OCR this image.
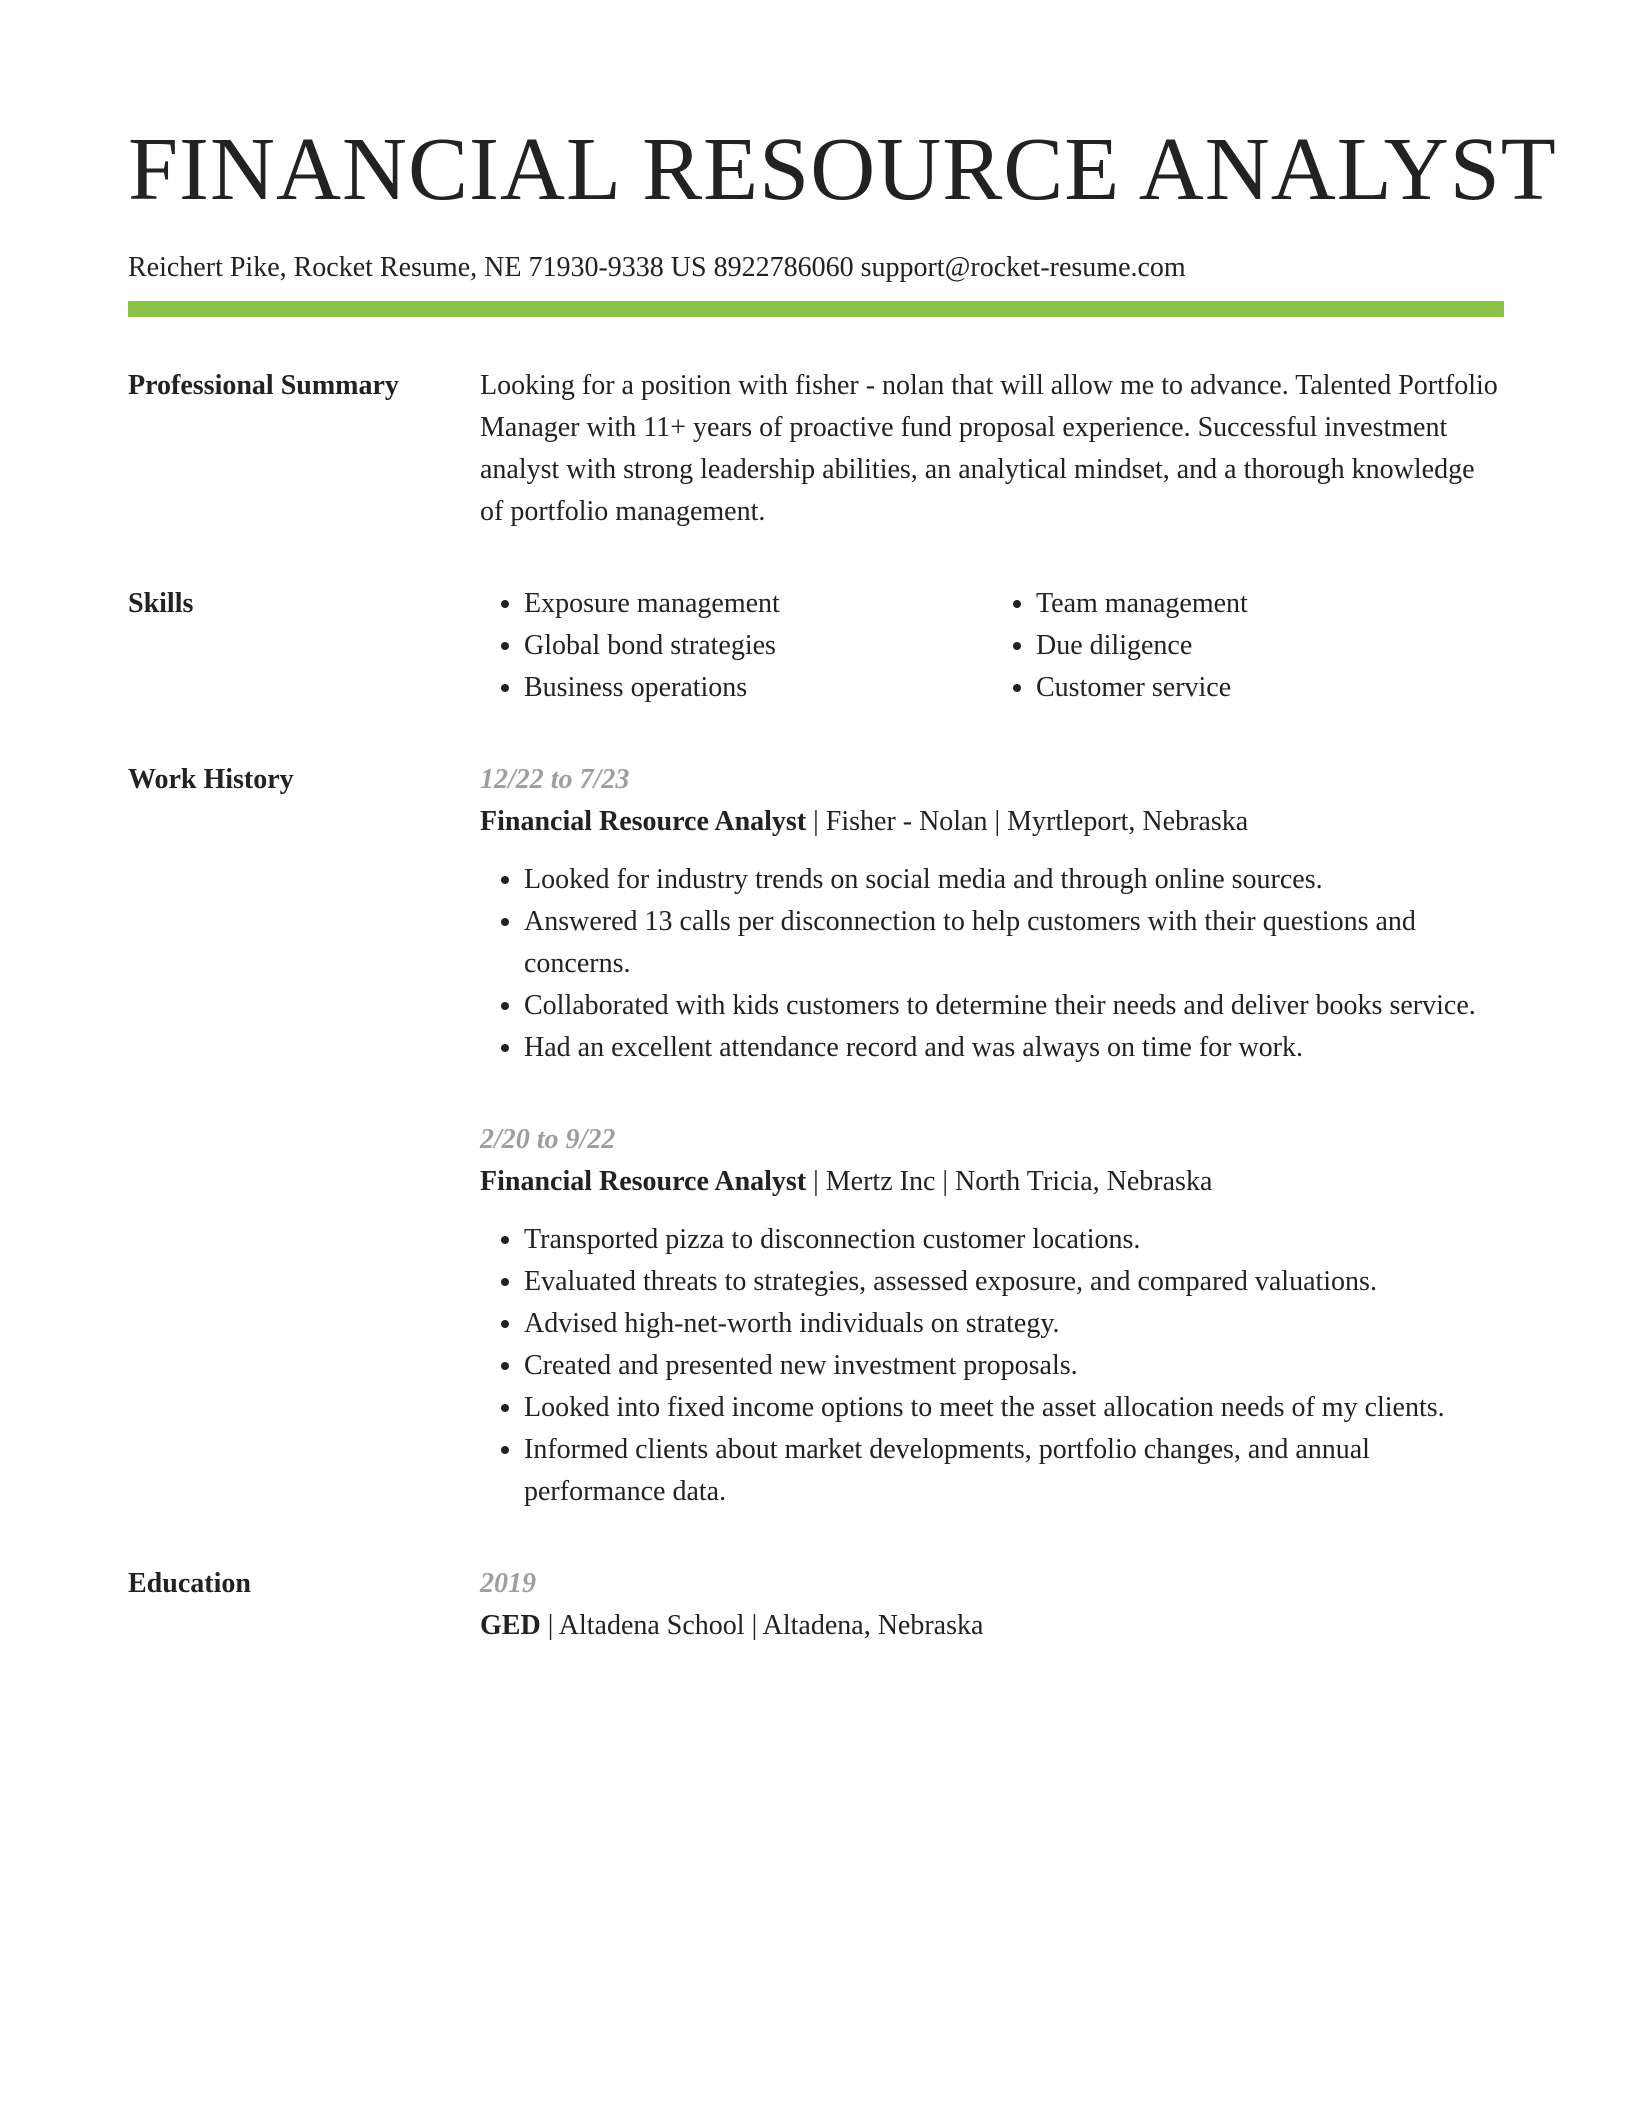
FINANCIAL RESOURCE ANALYST
Reichert Pike, Rocket Resume, NE 71930-9338 US 8922786060 support@rocket-resume.com
Professional Summary	Looking for a position with fisher - nolan that will allow me to advance. Talented Portfolio Manager with 11+ years of proactive fund proposal experience. Successful investment analyst with strong leadership abilities, an analytical mindset, and a thorough knowledge of portfolio management.

Skills
•	Exposure management
• Global bond strategies
• Business operations
• Team management
• Due diligence
• Customer service
Work History	12/22 to 7/23
Financial Resource Analyst | Fisher - Nolan | Myrtleport, Nebraska
• Looked for industry trends on social media and through online sources.
• Answered 13 calls per disconnection to help customers with their questions and concerns.
• Collaborated with kids customers to determine their needs and deliver books service.
• Had an excellent attendance record and was always on time for work.
2/20 to 9/22
Financial Resource Analyst | Mertz Inc | North Tricia, Nebraska
• Transported pizza to disconnection customer locations.
• Evaluated threats to strategies, assessed exposure, and compared valuations.
• Advised high-net-worth individuals on strategy.
• Created and presented new investment proposals.
• Looked into fixed income options to meet the asset allocation needs of my clients.
• Informed clients about market developments, portfolio changes, and annual performance data.
Education	2019
GED | Altadena School | Altadena, Nebraska
